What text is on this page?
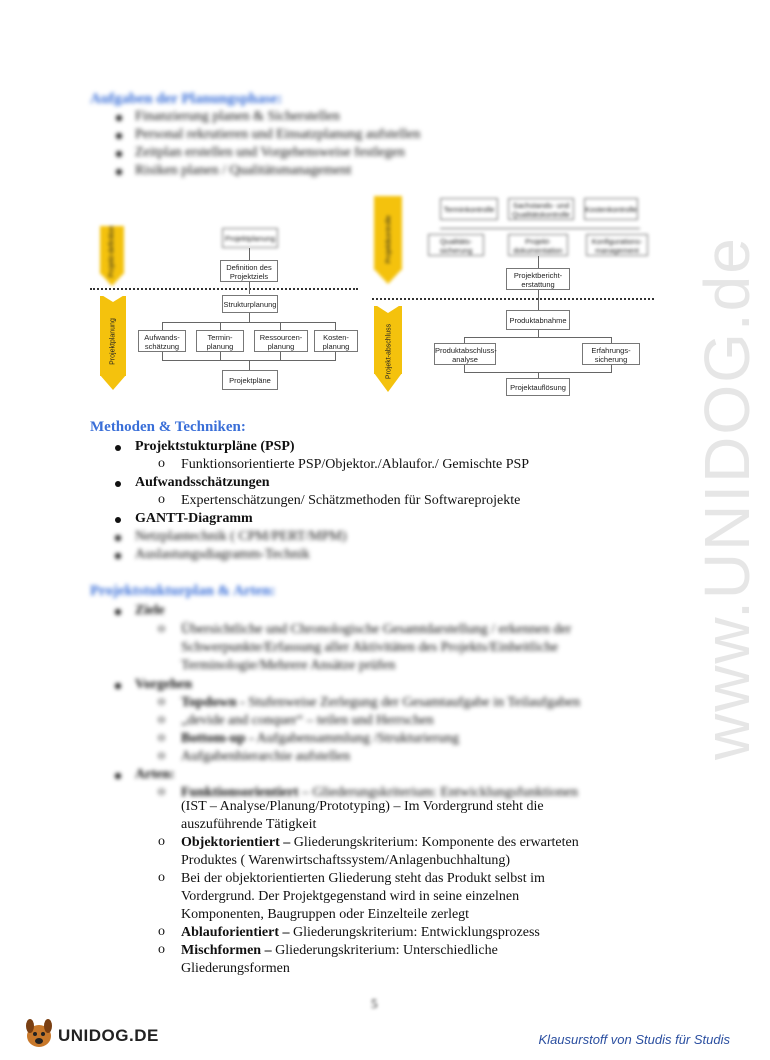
www.UNIDOG.de
Aufgaben der Planungsphase:
Finanzierung planen & Sicherstellen
Personal rekrutieren und Einsatzplanung aufstellen
Zeitplan erstellen und Vorgehensweise festlegen
Risiken planen / Qualitätsmanagement
Projekt-definition	Projektplanung
Definition des Projektziels
Projektplanung
Strukturplanung
Aufwands-schätzung
Termin-planung
Ressourcen-planung
Kosten-planung
Projektpläne
Projektkontrolle
Terminkontrolle	Sachstands- und Qualitätskontrolle
Kostenkontrolle
Qualitäts-sicherung
Projekt-dokumentation
Konfigurations-management
Projektbericht-erstattung
Projekt-abschluss
Produktabnahme
Produktabschluss-analyse
Erfahrungs-sicherung
Projektauflösung
Methoden & Techniken:
Projektstukturpläne (PSP)
o Funktionsorientierte PSP/Objektor./Ablaufor./ Gemischte PSP
Aufwandsschätzungen
o Expertenschätzungen/ Schätzmethoden für Softwareprojekte
GANTT-Diagramm
Netzplantechnik ( CPM/PERT/MPM)
Auslastungsdiagramm-Technik
Projektstukturplan & Arten:
Ziele
o Übersichtliche und Chronologische Gesamtdarstellung / erkennen der
Schwerpunkte/Erfassung aller Aktivitäten des Projekts/Einheitliche
Terminologie/Mehrere Ansätze prüfen
Vorgehen
o Topdown - Stufenweise Zerlegung der Gesamtaufgabe in Teilaufgaben
o „devide and conquer“ – teilen und Herrschen
o Bottom-up - Aufgabensammlung /Strukturierung
o Aufgabenhierarchie aufstellen
Arten:
o Funktionsorientiert – Gliederungskriterium: Entwicklungsfunktionen
(IST – Analyse/Planung/Prototyping) – Im Vordergrund steht die
auszuführende Tätigkeit
o Objektorientiert – Gliederungskriterium: Komponente des erwarteten
Produktes ( Warenwirtschaftssystem/Anlagenbuchhaltung)
o Bei der objektorientierten Gliederung steht das Produkt selbst im
Vordergrund. Der Projektgegenstand wird in seine einzelnen
Komponenten, Baugruppen oder Einzelteile zerlegt
o Ablauforientiert – Gliederungskriterium: Entwicklungsprozess
o Mischformen – Gliederungskriterium: Unterschiedliche
Gliederungsformen
5
UNIDOG.DE	Klausurstoff von Studis für Studis
